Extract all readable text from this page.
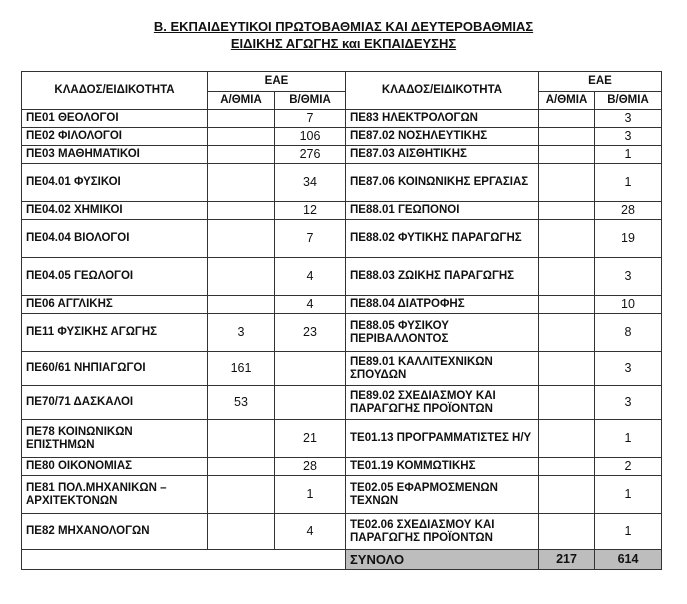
Β. ΕΚΠΑΙΔΕΥΤΙΚΟΙ ΠΡΩΤΟΒΑΘΜΙΑΣ ΚΑΙ ΔΕΥΤΕΡΟΒΑΘΜΙΑΣ
ΕΙΔΙΚΗΣ ΑΓΩΓΗΣ και ΕΚΠΑΙΔΕΥΣΗΣ
ΚΛΑΔΟΣ/ΕΙΔΙΚΟΤΗΤΑ	ΕΑΕ		ΚΛΑΔΟΣ/ΕΙΔΙΚΟΤΗΤΑ	ΕΑΕ	
	Α/ΘΜΙΑ	Β/ΘΜΙΑ		Α/ΘΜΙΑ	Β/ΘΜΙΑ
ΠΕ01 ΘΕΟΛΟΓΟΙ		7	ΠΕ83 ΗΛΕΚΤΡΟΛΟΓΩΝ		3
ΠΕ02 ΦΙΛΟΛΟΓΟΙ		106	ΠΕ87.02 ΝΟΣΗΛΕΥΤΙΚΗΣ		3
ΠΕ03 ΜΑΘΗΜΑΤΙΚΟΙ		276	ΠΕ87.03 ΑΙΣΘΗΤΙΚΗΣ		1
ΠΕ04.01 ΦΥΣΙΚΟΙ		34	ΠΕ87.06 ΚΟΙΝΩΝΙΚΗΣ ΕΡΓΑΣΙΑΣ		1
ΠΕ04.02 ΧΗΜΙΚΟΙ		12	ΠΕ88.01 ΓΕΩΠΟΝΟΙ		28
ΠΕ04.04 ΒΙΟΛΟΓΟΙ		7	ΠΕ88.02 ΦΥΤΙΚΗΣ ΠΑΡΑΓΩΓΗΣ		19
ΠΕ04.05 ΓΕΩΛΟΓΟΙ		4	ΠΕ88.03 ΖΩΙΚΗΣ ΠΑΡΑΓΩΓΗΣ		3
ΠΕ06 ΑΓΓΛΙΚΗΣ		4	ΠΕ88.04 ΔΙΑΤΡΟΦΗΣ		10
ΠΕ11 ΦΥΣΙΚΗΣ ΑΓΩΓΗΣ	3	23	ΠΕ88.05 ΦΥΣΙΚΟΥ ΠΕΡΙΒΑΛΛΟΝΤΟΣ		8
ΠΕ60/61 ΝΗΠΙΑΓΩΓΟΙ	161		ΠΕ89.01 ΚΑΛΛΙΤΕΧΝΙΚΩΝ ΣΠΟΥΔΩΝ		3
ΠΕ70/71 ΔΑΣΚΑΛΟΙ	53		ΠΕ89.02 ΣΧΕΔΙΑΣΜΟΥ ΚΑΙ ΠΑΡΑΓΩΓΗΣ ΠΡΟΪΟΝΤΩΝ		3
ΠΕ78 ΚΟΙΝΩΝΙΚΩΝ ΕΠΙΣΤΗΜΩΝ		21	ΤΕ01.13 ΠΡΟΓΡΑΜΜΑΤΙΣΤΕΣ Η/Υ		1
ΠΕ80 ΟΙΚΟΝΟΜΙΑΣ		28	ΤΕ01.19 ΚΟΜΜΩΤΙΚΗΣ		2
ΠΕ81 ΠΟΛ.ΜΗΧΑΝΙΚΩΝ – ΑΡΧΙΤΕΚΤΟΝΩΝ		1	ΤΕ02.05 ΕΦΑΡΜΟΣΜΕΝΩΝ ΤΕΧΝΩΝ		1
ΠΕ82 ΜΗΧΑΝΟΛΟΓΩΝ		4	ΤΕ02.06 ΣΧΕΔΙΑΣΜΟΥ ΚΑΙ ΠΑΡΑΓΩΓΗΣ ΠΡΟΪΟΝΤΩΝ		1
			ΣΥΝΟΛΟ	217	614
